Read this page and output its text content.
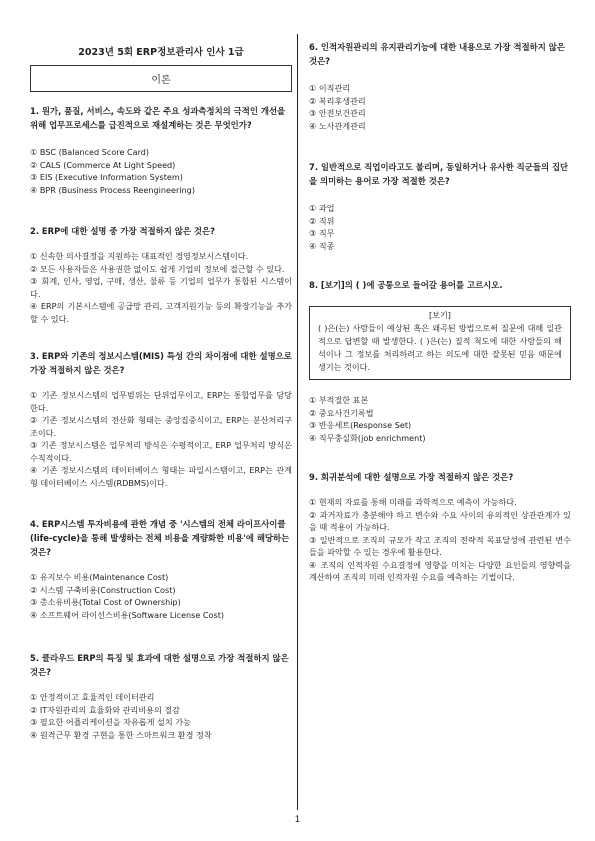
2023년 5회 ERP정보관리사 인사 1급
이론

1. 원가, 품질, 서비스, 속도와 같은 주요 성과측정치의 극적인 개선을 위해 업무프로세스를 급진적으로 재설계하는 것은 무엇인가?

① BSC (Balanced Score Card)
② CALS (Commerce At Light Speed)
③ EIS (Executive Information System)
④ BPR (Business Process Reengineering)

2. ERP에 대한 설명 중 가장 적절하지 않은 것은?

① 신속한 의사결정을 지원하는 대표적인 경영정보시스템이다.
② 모든 사용자들은 사용권한 없이도 쉽게 기업의 정보에 접근할 수 있다.
③ 회계, 인사, 영업, 구매, 생산, 물류 등 기업의 업무가 통합된 시스템이다.
④ ERP의 기본시스템에 공급망 관리, 고객지원기능 등의 확장기능을 추가할 수 있다.

3. ERP와 기존의 정보시스템(MIS) 특성 간의 차이점에 대한 설명으로 가장 적절하지 않은 것은?

① 기존 정보시스템의 업무범위는 단위업무이고, ERP는 통합업무를 담당한다.
② 기존 정보시스템의 전산화 형태는 중앙집중식이고, ERP는 분산처리구조이다.
③ 기존 정보시스템은 업무처리 방식은 수평적이고, ERP 업무처리 방식은 수직적이다.
④ 기존 정보시스템의 데이터베이스 형태는 파일시스템이고, ERP는 관계형 데이터베이스 시스템(RDBMS)이다.

4. ERP시스템 투자비용에 관한 개념 중 '시스템의 전체 라이프사이클(life-cycle)을 통해 발생하는 전체 비용을 계량화한 비용'에 해당하는 것은?

① 유지보수 비용(Maintenance Cost)
② 시스템 구축비용(Construction Cost)
③ 총소유비용(Total Cost of Ownership)
④ 소프트웨어 라이선스비용(Software License Cost)

5. 클라우드 ERP의 특징 및 효과에 대한 설명으로 가장 적절하지 않은 것은?

① 안정적이고 효율적인 데이터관리
② IT자원관리의 효율화와 관리비용의 절감
③ 필요한 어플리케이션을 자유롭게 설치 가능
④ 원격근무 환경 구현을 통한 스마트워크 환경 정착

6. 인적자원관리의 유지관리기능에 대한 내용으로 가장 적절하지 않은 것은?

① 이직관리
② 복리후생관리
③ 안전보건관리
④ 노사관계관리

7. 일반적으로 직업이라고도 불리며, 동일하거나 유사한 직군들의 집단을 의미하는 용어로 가장 적절한 것은?

① 과업
② 직위
③ 직무
④ 직종

8. [보기]의 ( )에 공통으로 들어갈 용어를 고르시오.

[보기]
( )은(는) 사람들이 예상된 혹은 왜곡된 방법으로써 질문에 대해 일관적으로 답변할 때 발생한다. ( )은(는) 질적 척도에 대한 사람들의 해석이나 그 정보를 처리하려고 하는 의도에 대한 잘못된 믿음 때문에 생기는 것이다.
① 부적절한 표본
② 중요사건기록법
③ 반응세트(Response Set)
④ 직무충실화(job enrichment)

9. 회귀분석에 대한 설명으로 가장 적절하지 않은 것은?

① 현재의 자료를 통해 미래를 과학적으로 예측이 가능하다.
② 과거자료가 충분해야 하고 변수와 수요 사이의 유의적인 상관관계가 있을 때 적용이 가능하다.
③ 일반적으로 조직의 규모가 작고 조직의 전략적 목표달성에 관련된 변수들을 파악할 수 있는 경우에 활용한다.
④ 조직의 인적자원 수요결정에 영향을 미치는 다양한 요인들의 영향력을 계산하여 조직의 미래 인적자원 수요를 예측하는 기법이다.
1
